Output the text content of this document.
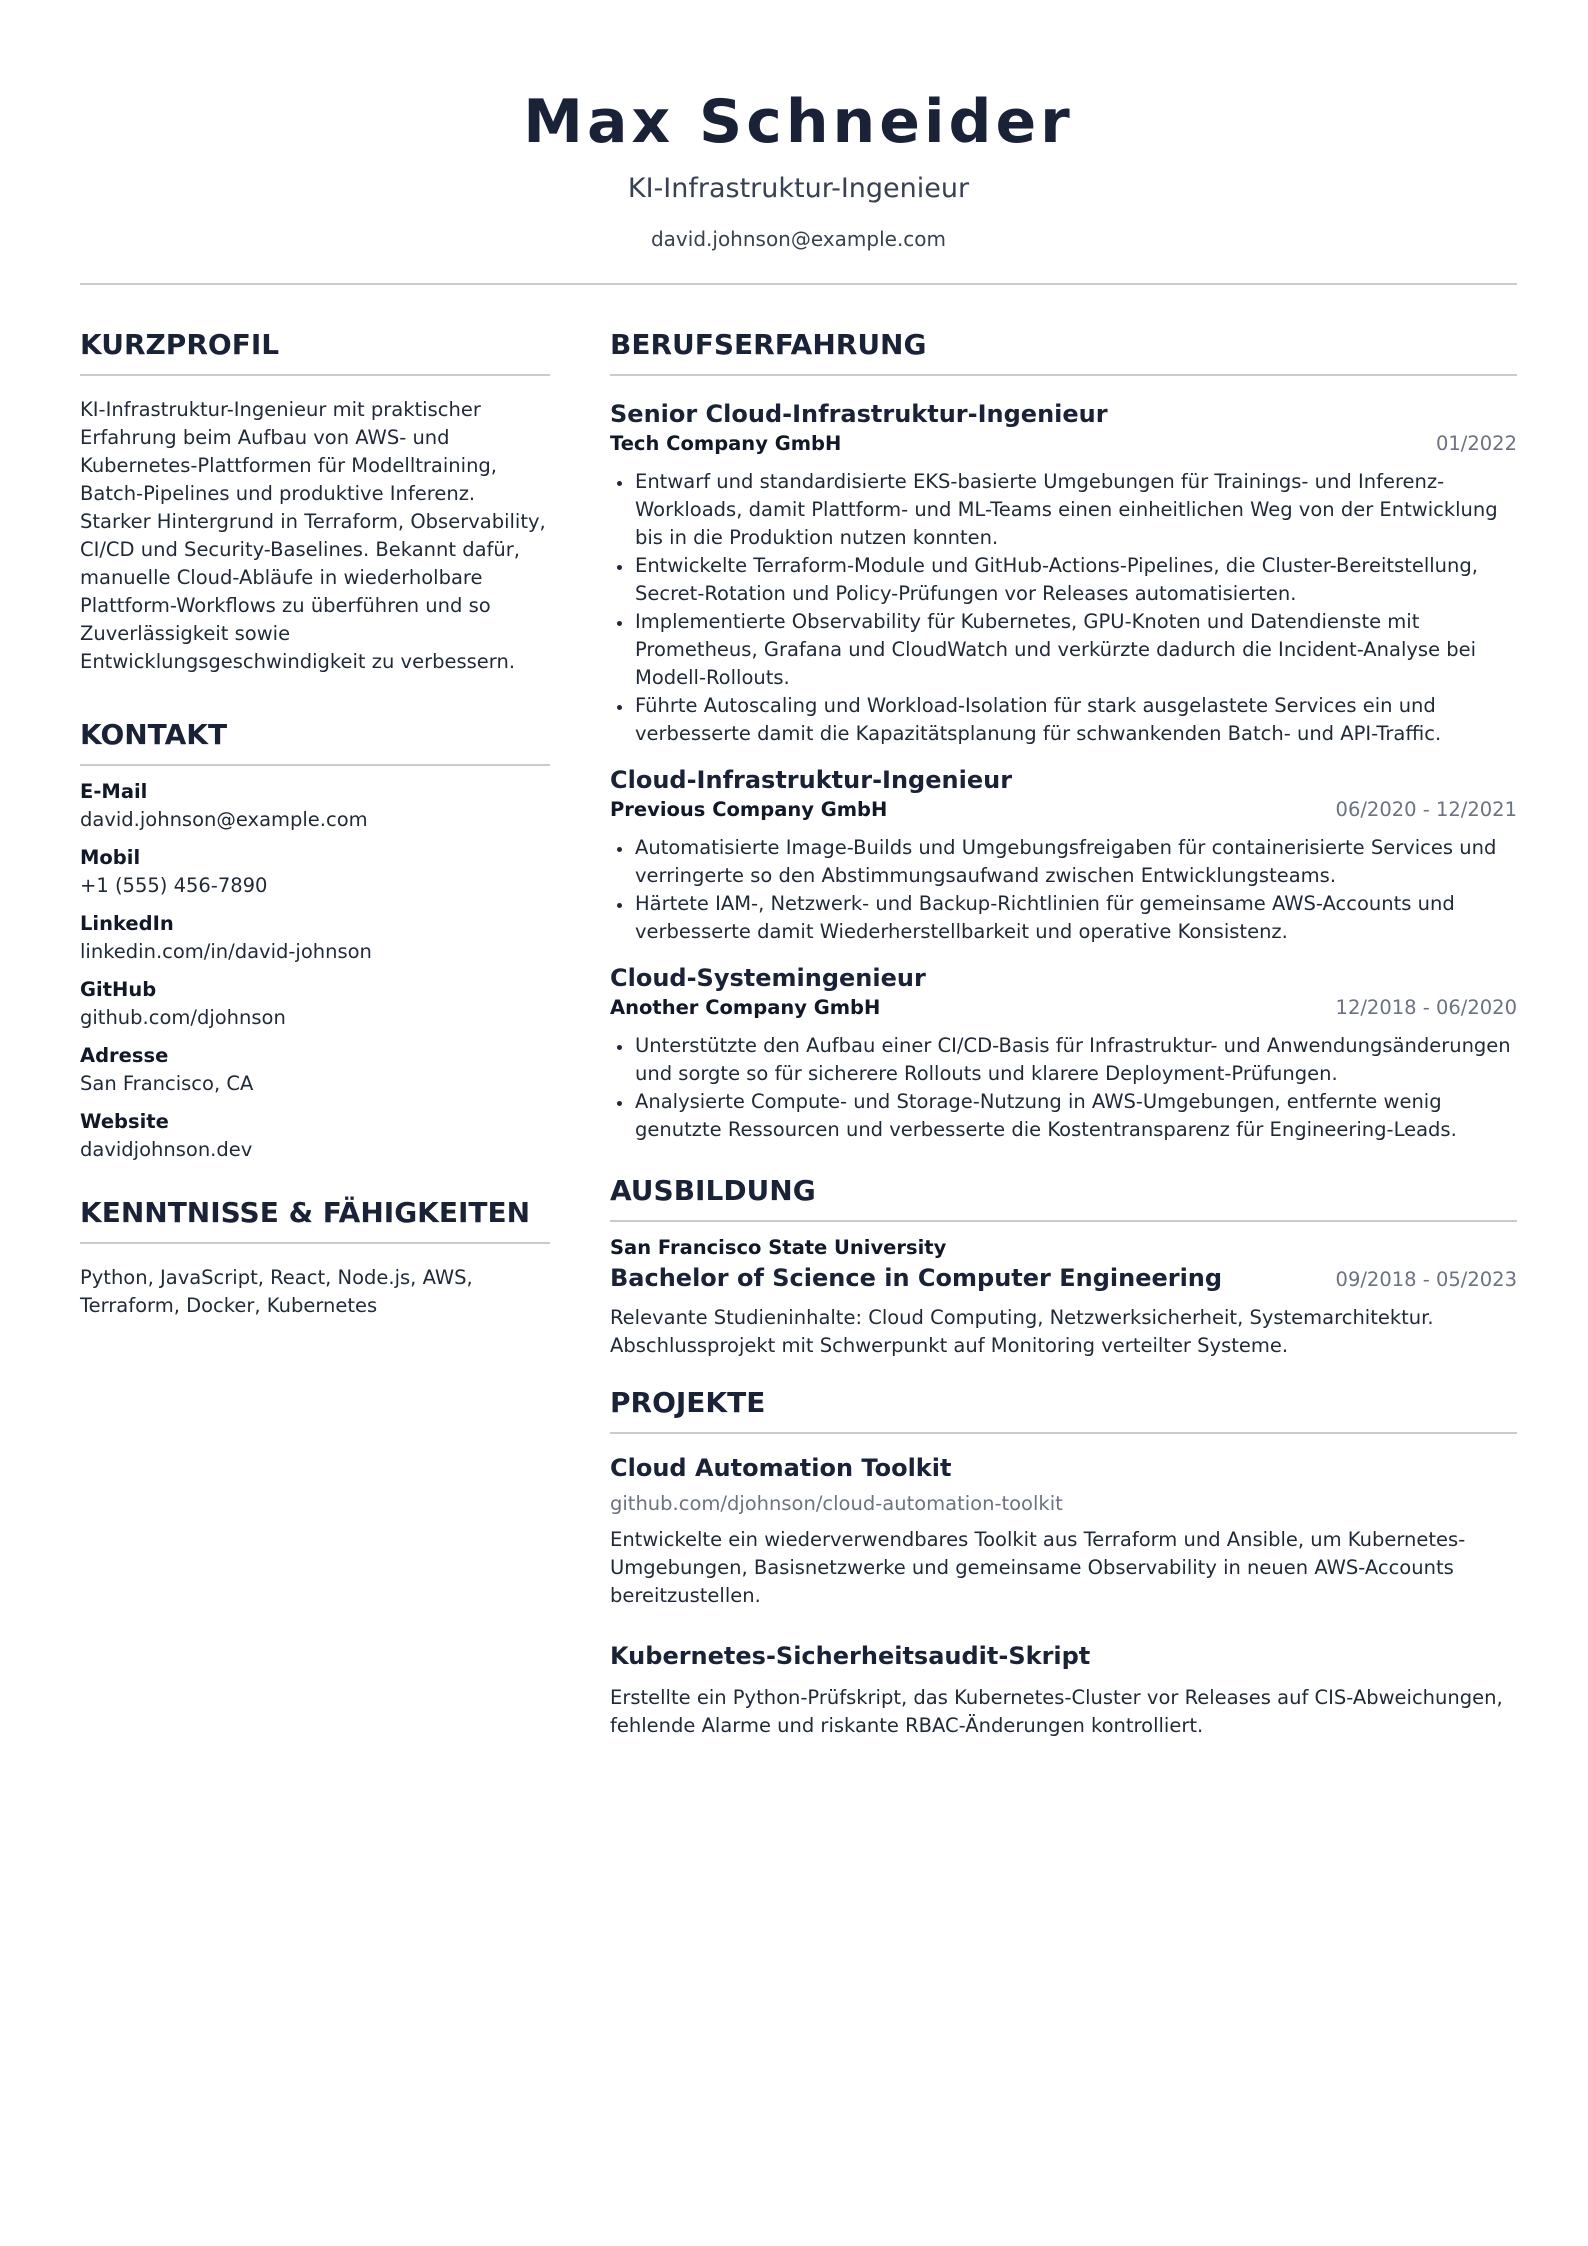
Max Schneider
KI-Infrastruktur-Ingenieur
david.johnson@example.com
KURZPROFIL
KI-Infrastruktur-Ingenieur mit praktischer Erfahrung beim Aufbau von AWS- und Kubernetes-Plattformen für Modelltraining, Batch-Pipelines und produktive Inferenz. Starker Hintergrund in Terraform, Observability, CI/CD und Security-Baselines. Bekannt dafür, manuelle Cloud-Abläufe in wiederholbare Plattform-Workflows zu überführen und so Zuverlässigkeit sowie Entwicklungsgeschwindigkeit zu verbessern.
KONTAKT
E-Mail
david.johnson@example.com
Mobil
+1 (555) 456-7890
LinkedIn
linkedin.com/in/david-johnson
GitHub
github.com/djohnson
Adresse
San Francisco, CA
Website
davidjohnson.dev
KENNTNISSE & FÄHIGKEITEN
Python, JavaScript, React, Node.js, AWS, Terraform, Docker, Kubernetes
BERUFSERFAHRUNG
Senior Cloud-Infrastruktur-Ingenieur
Tech Company GmbH	01/2022
Entwarf und standardisierte EKS-basierte Umgebungen für Trainings- und Inferenz-Workloads, damit Plattform- und ML-Teams einen einheitlichen Weg von der Entwicklung bis in die Produktion nutzen konnten.
Entwickelte Terraform-Module und GitHub-Actions-Pipelines, die Cluster-Bereitstellung, Secret-Rotation und Policy-Prüfungen vor Releases automatisierten.
Implementierte Observability für Kubernetes, GPU-Knoten und Datendienste mit Prometheus, Grafana und CloudWatch und verkürzte dadurch die Incident-Analyse bei Modell-Rollouts.
Führte Autoscaling und Workload-Isolation für stark ausgelastete Services ein und verbesserte damit die Kapazitätsplanung für schwankenden Batch- und API-Traffic.
Cloud-Infrastruktur-Ingenieur
Previous Company GmbH	06/2020 - 12/2021
Automatisierte Image-Builds und Umgebungsfreigaben für containerisierte Services und verringerte so den Abstimmungsaufwand zwischen Entwicklungsteams.
Härtete IAM-, Netzwerk- und Backup-Richtlinien für gemeinsame AWS-Accounts und verbesserte damit Wiederherstellbarkeit und operative Konsistenz.
Cloud-Systemingenieur
Another Company GmbH	12/2018 - 06/2020
Unterstützte den Aufbau einer CI/CD-Basis für Infrastruktur- und Anwendungsänderungen und sorgte so für sicherere Rollouts und klarere Deployment-Prüfungen.
Analysierte Compute- und Storage-Nutzung in AWS-Umgebungen, entfernte wenig genutzte Ressourcen und verbesserte die Kostentransparenz für Engineering-Leads.
AUSBILDUNG
San Francisco State University
Bachelor of Science in Computer Engineering	09/2018 - 05/2023
Relevante Studieninhalte: Cloud Computing, Netzwerksicherheit, Systemarchitektur. Abschlussprojekt mit Schwerpunkt auf Monitoring verteilter Systeme.
PROJEKTE
Cloud Automation Toolkit
github.com/djohnson/cloud-automation-toolkit
Entwickelte ein wiederverwendbares Toolkit aus Terraform und Ansible, um Kubernetes-Umgebungen, Basisnetzwerke und gemeinsame Observability in neuen AWS-Accounts bereitzustellen.
Kubernetes-Sicherheitsaudit-Skript
Erstellte ein Python-Prüfskript, das Kubernetes-Cluster vor Releases auf CIS-Abweichungen, fehlende Alarme und riskante RBAC-Änderungen kontrolliert.
